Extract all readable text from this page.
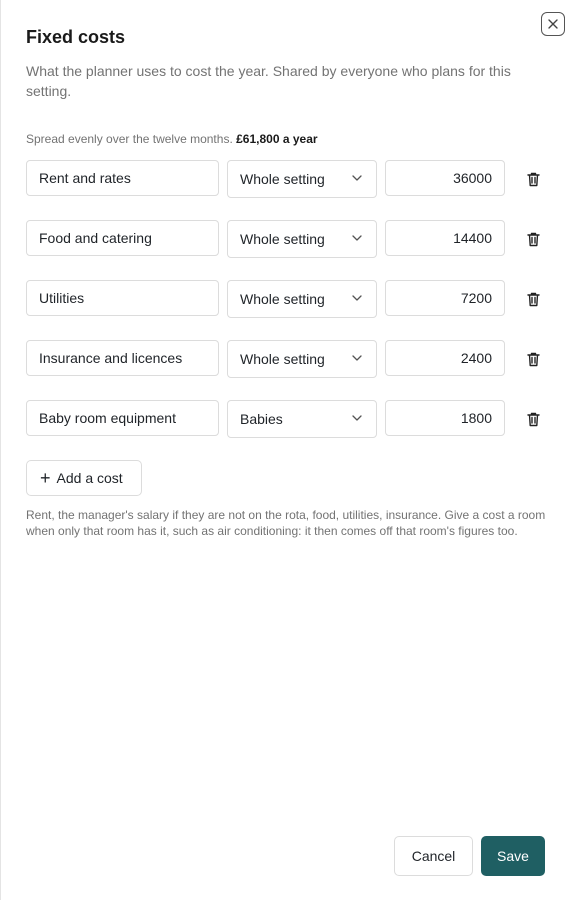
Fixed costs
What the planner uses to cost the year. Shared by everyone who plans for this setting.
Spread evenly over the twelve months. £61,800 a year
Rent and rates
Whole setting
36000
Food and catering
Whole setting
14400
Utilities
Whole setting
7200
Insurance and licences
Whole setting
2400
Baby room equipment
Babies
1800
+ Add a cost
Rent, the manager's salary if they are not on the rota, food, utilities, insurance. Give a cost a room when only that room has it, such as air conditioning: it then comes off that room's figures too.
Cancel	Save
